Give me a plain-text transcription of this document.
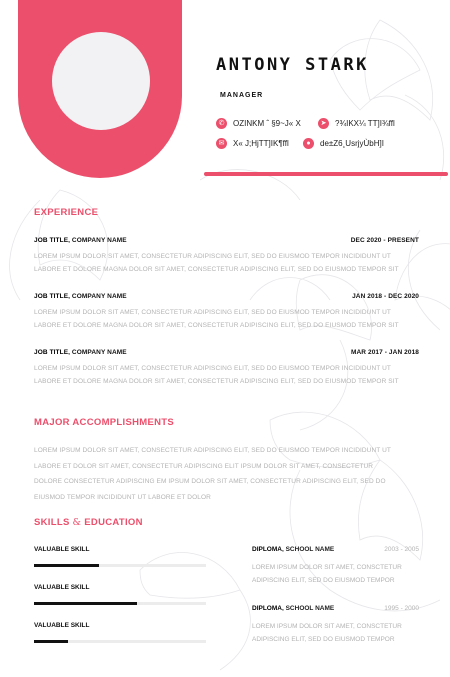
ANTONY STARK
MANAGER
✆	OZINKM ˆ §9~J« X	➤	?¾IKX¼ TT]I¾ffl
✉	X« J;HjTT]IK¶ffl	●	de±Z6¸UsrjyÙbH]I
EXPERIENCE
JOB TITLE, COMPANY NAME	DEC 2020 - PRESENT
LOREM IPSUM DOLOR SIT AMET, CONSECTETUR ADIPISCING ELIT, SED DO EIUSMOD TEMPOR INCIDIDUNT UT LABORE ET DOLORE MAGNA DOLOR SIT AMET, CONSECTETUR ADIPISCING ELIT, SED DO EIUSMOD TEMPOR SIT
JOB TITLE, COMPANY NAME	JAN 2018 - DEC 2020
LOREM IPSUM DOLOR SIT AMET, CONSECTETUR ADIPISCING ELIT, SED DO EIUSMOD TEMPOR INCIDIDUNT UT LABORE ET DOLORE MAGNA DOLOR SIT AMET, CONSECTETUR ADIPISCING ELIT, SED DO EIUSMOD TEMPOR SIT
JOB TITLE, COMPANY NAME	MAR 2017 - JAN 2018
LOREM IPSUM DOLOR SIT AMET, CONSECTETUR ADIPISCING ELIT, SED DO EIUSMOD TEMPOR INCIDIDUNT UT LABORE ET DOLORE MAGNA DOLOR SIT AMET, CONSECTETUR ADIPISCING ELIT, SED DO EIUSMOD TEMPOR SIT
MAJOR ACCOMPLISHMENTS
LOREM IPSUM DOLOR SIT AMET, CONSECTETUR ADIPISCING ELIT, SED DO EIUSMOD TEMPOR INCIDIDUNT UT LABORE ET DOLOR SIT AMET, CONSECTETUR ADIPISCING ELIT IPSUM DOLOR SIT AMET, CONSECTETUR DOLORE CONSECTETUR ADIPISCING EM IPSUM DOLOR SIT AMET, CONSECTETUR ADIPISCING ELIT, SED DO EIUSMOD TEMPOR INCIDIDUNT UT LABORE ET DOLOR
SKILLS & EDUCATION
VALUABLE SKILL
VALUABLE SKILL
VALUABLE SKILL
DIPLOMA, SCHOOL NAME	2003 - 2005
LOREM IPSUM DOLOR SIT AMET, CONSCTETUR ADIPISCING ELIT, SED DO EIUSMOD TEMPOR
DIPLOMA, SCHOOL NAME	1995 - 2000
LOREM IPSUM DOLOR SIT AMET, CONSCTETUR ADIPISCING ELIT, SED DO EIUSMOD TEMPOR
